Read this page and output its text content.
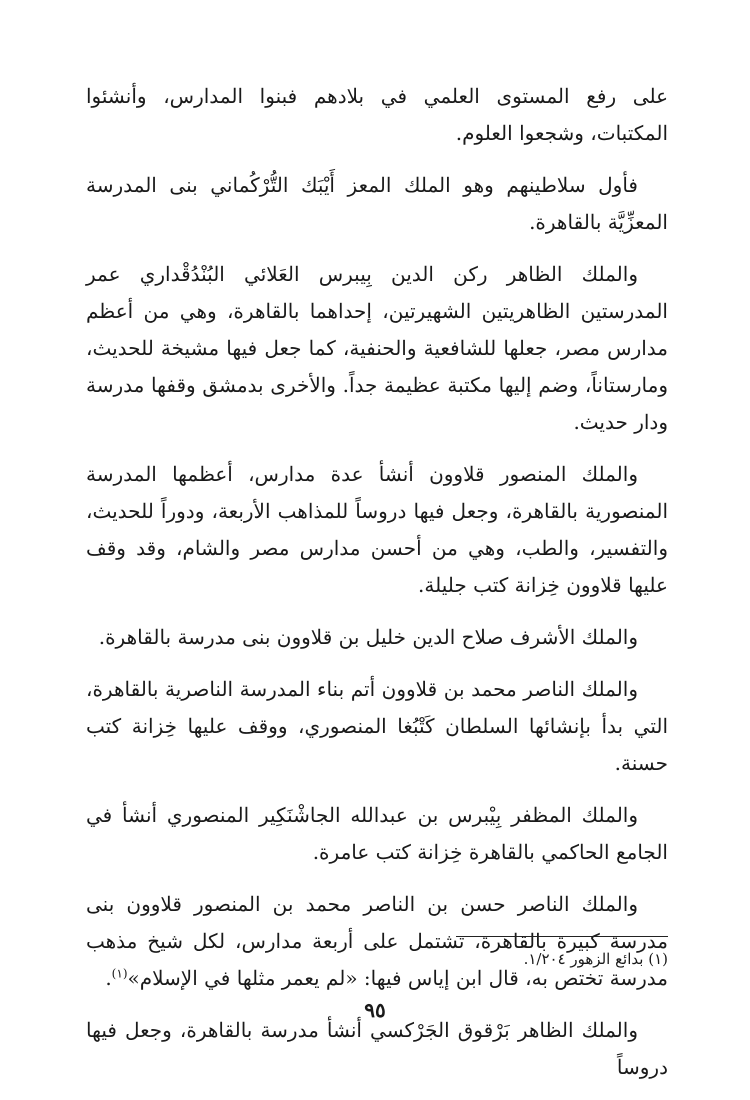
على رفع المستوى العلمي في بلادهم فبنوا المدارس، وأنشئوا المكتبات، وشجعوا العلوم.

فأول سلاطينهم وهو الملك المعز أَيْبَك التُّرْكُماني بنى المدرسة المعزِّيَّة بالقاهرة.

والملك الظاهر ركن الدين بِيبرس العَلائي البُنْدُقْداري عمر المدرستين الظاهريتين الشهيرتين، إحداهما بالقاهرة، وهي من أعظم مدارس مصر، جعلها للشافعية والحنفية، كما جعل فيها مشيخة للحديث، ومارستاناً، وضم إليها مكتبة عظيمة جداً. والأخرى بدمشق وقفها مدرسة ودار حديث.

والملك المنصور قلاوون أنشأ عدة مدارس، أعظمها المدرسة المنصورية بالقاهرة، وجعل فيها دروساً للمذاهب الأربعة، ودوراً للحديث، والتفسير، والطب، وهي من أحسن مدارس مصر والشام، وقد وقف عليها قلاوون خِزانة كتب جليلة.

والملك الأشرف صلاح الدين خليل بن قلاوون بنى مدرسة بالقاهرة.

والملك الناصر محمد بن قلاوون أتم بناء المدرسة الناصرية بالقاهرة، التي بدأ بإنشائها السلطان كَتْبُغا المنصوري، ووقف عليها خِزانة كتب حسنة.

والملك المظفر بِيْبرس بن عبدالله الجاشْنَكِير المنصوري أنشأ في الجامع الحاكمي بالقاهرة خِزانة كتب عامرة.

والملك الناصر حسن بن الناصر محمد بن المنصور قلاوون بنى مدرسة كبيرة بالقاهرة، تشتمل على أربعة مدارس، لكل شيخ مذهب مدرسة تختص به، قال ابن إياس فيها: «لم يعمر مثلها في الإسلام»$^{(١)}$.

والملك الظاهر بَرْقوق الجَرْكسي أنشأ مدرسة بالقاهرة، وجعل فيها دروساً

(١) بدائع الزهور ١/٢٠٤.
٩٥
